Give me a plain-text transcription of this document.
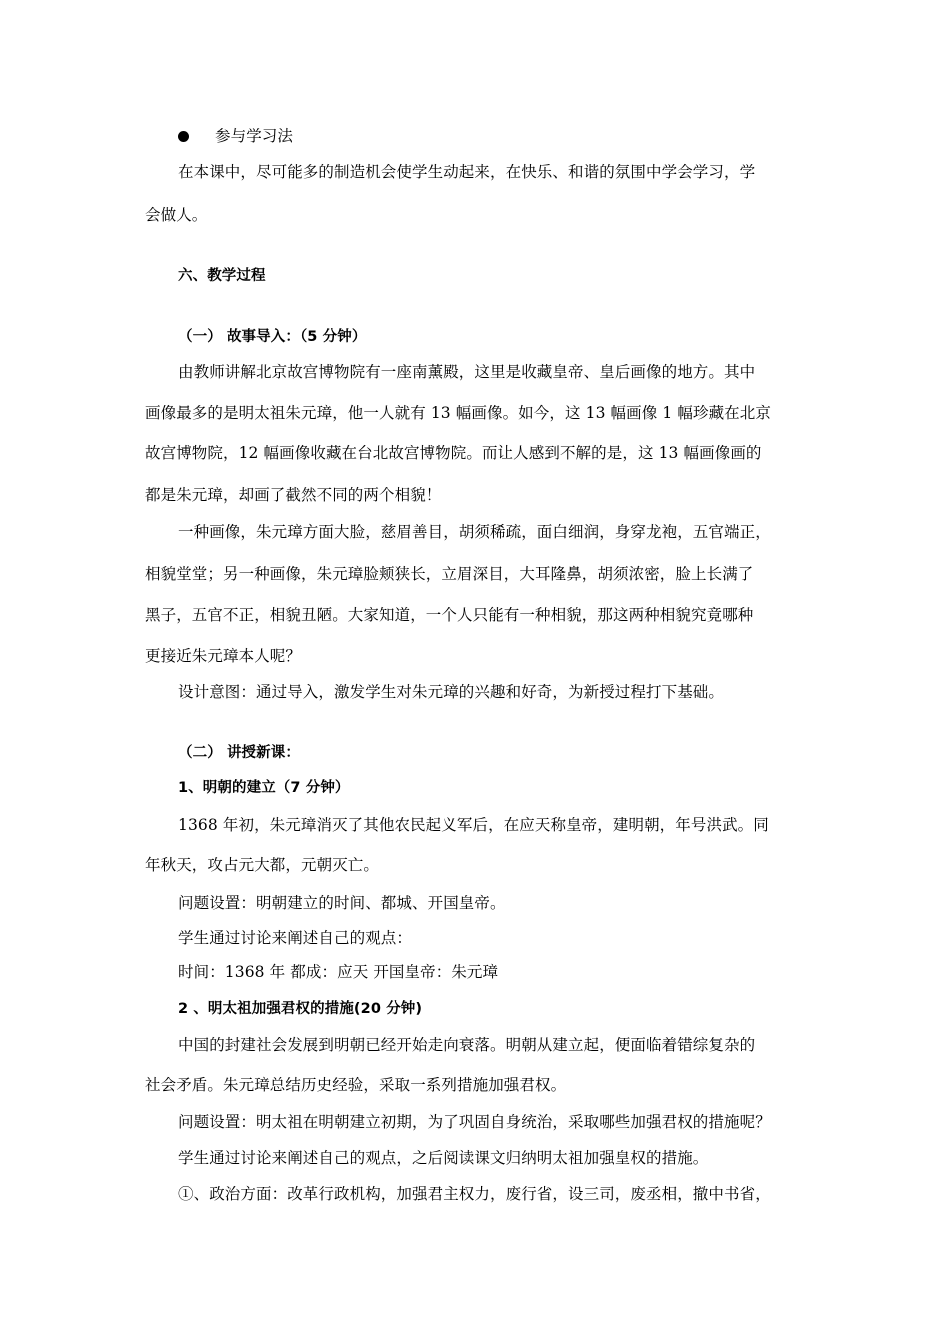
参与学习法
在本课中，尽可能多的制造机会使学生动起来，在快乐、和谐的氛围中学会学习，学
会做人。
六、教学过程
（一） 故事导入：（5 分钟）
由教师讲解北京故宫博物院有一座南薰殿，这里是收藏皇帝、皇后画像的地方。其中
画像最多的是明太祖朱元璋，他一人就有 13 幅画像。如今，这 13 幅画像 1 幅珍藏在北京
故宫博物院，12 幅画像收藏在台北故宫博物院。而让人感到不解的是，这 13 幅画像画的
都是朱元璋，却画了截然不同的两个相貌！
一种画像，朱元璋方面大脸，慈眉善目，胡须稀疏，面白细润，身穿龙袍，五官端正，
相貌堂堂；另一种画像，朱元璋脸颊狭长，立眉深目，大耳隆鼻，胡须浓密，脸上长满了
黑子，五官不正，相貌丑陋。大家知道，一个人只能有一种相貌，那这两种相貌究竟哪种
更接近朱元璋本人呢？
设计意图：通过导入，激发学生对朱元璋的兴趣和好奇，为新授过程打下基础。
（二） 讲授新课：
1、明朝的建立（7 分钟）
1368 年初，朱元璋消灭了其他农民起义军后，在应天称皇帝，建明朝，年号洪武。同
年秋天，攻占元大都，元朝灭亡。
问题设置：明朝建立的时间、都城、开国皇帝。
学生通过讨论来阐述自己的观点：
时间：1368 年 都成：应天 开国皇帝：朱元璋
2 、明太祖加强君权的措施(20 分钟)
中国的封建社会发展到明朝已经开始走向衰落。明朝从建立起，便面临着错综复杂的
社会矛盾。朱元璋总结历史经验，采取一系列措施加强君权。
问题设置：明太祖在明朝建立初期，为了巩固自身统治，采取哪些加强君权的措施呢？
学生通过讨论来阐述自己的观点，之后阅读课文归纳明太祖加强皇权的措施。
①、政治方面：改革行政机构，加强君主权力，废行省，设三司，废丞相，撤中书省，
